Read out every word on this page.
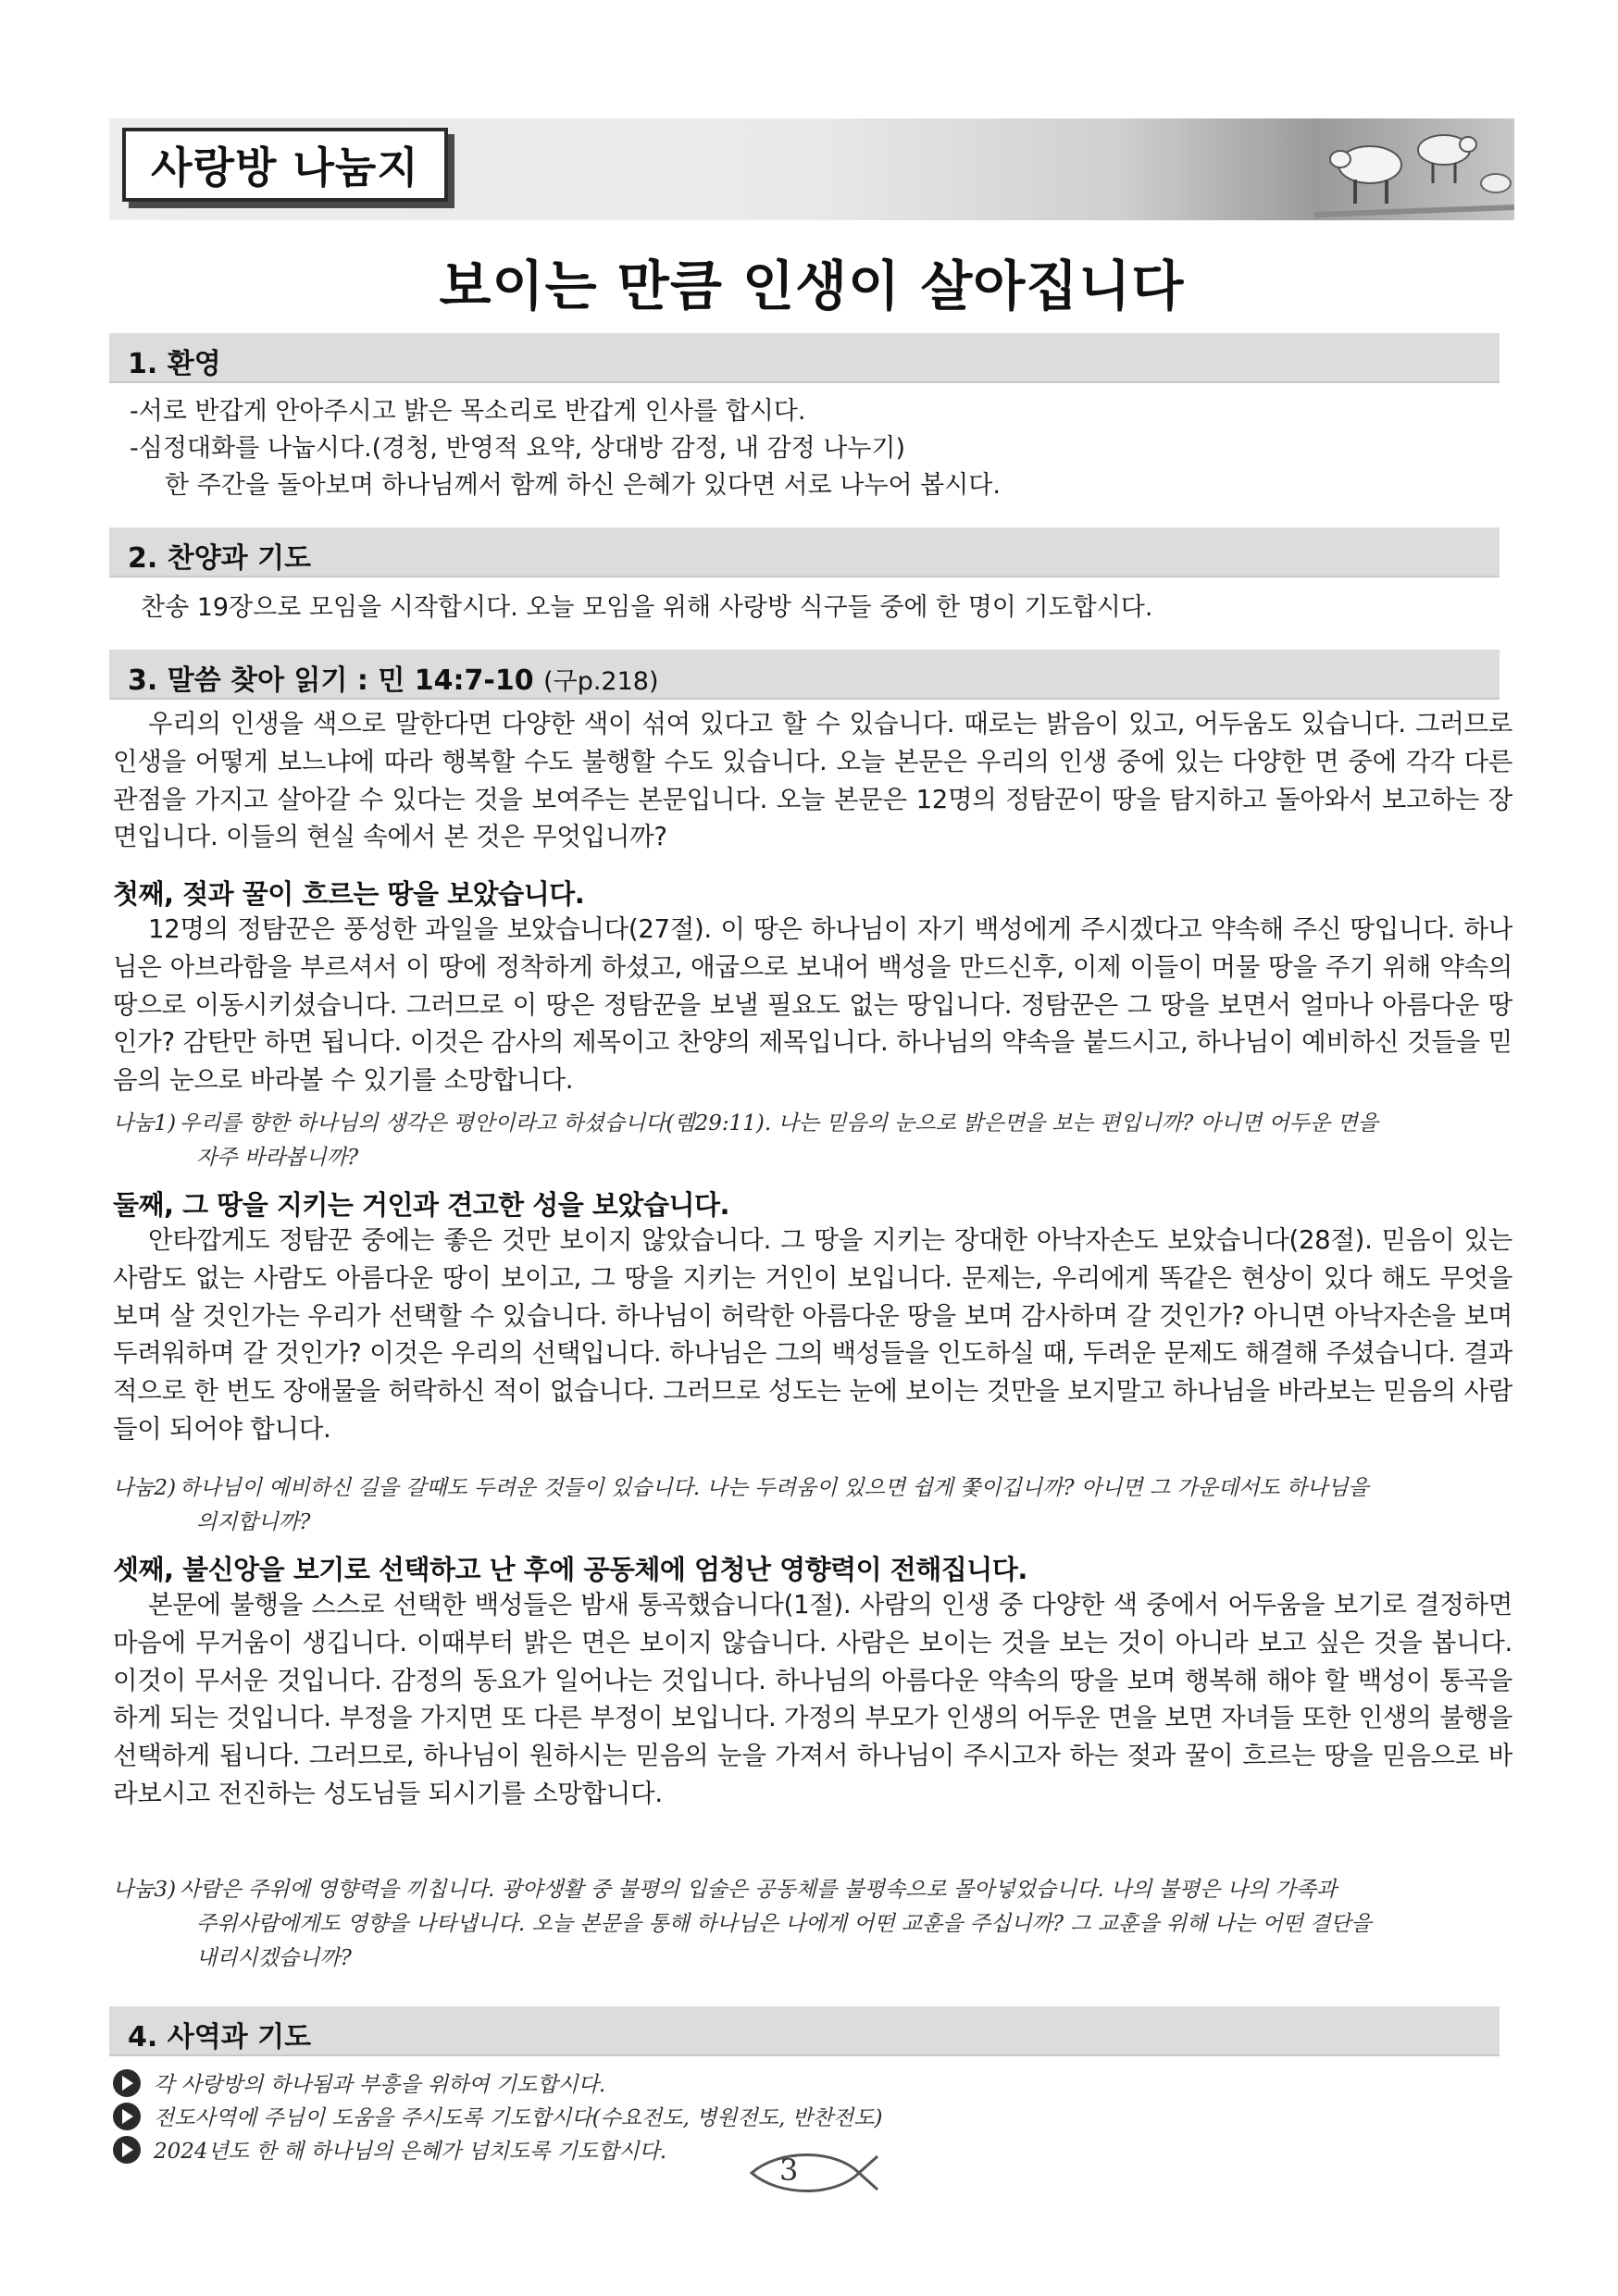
사랑방 나눔지
보이는 만큼 인생이 살아집니다
1. 환영
-서로 반갑게 안아주시고 밝은 목소리로 반갑게 인사를 합시다.
-심정대화를 나눕시다.(경청, 반영적 요약, 상대방 감정, 내 감정 나누기)
한 주간을 돌아보며 하나님께서 함께 하신 은혜가 있다면 서로 나누어 봅시다.
2. 찬양과 기도
찬송 19장으로 모임을 시작합시다. 오늘 모임을 위해 사랑방 식구들 중에 한 명이 기도합시다.
3. 말씀 찾아 읽기 : 민 14:7-10 (구p.218)
우리의 인생을 색으로 말한다면 다양한 색이 섞여 있다고 할 수 있습니다. 때로는 밝음이 있고, 어두움도 있습니다. 그러므로 인생을 어떻게 보느냐에 따라 행복할 수도 불행할 수도 있습니다. 오늘 본문은 우리의 인생 중에 있는 다양한 면 중에 각각 다른 관점을 가지고 살아갈 수 있다는 것을 보여주는 본문입니다. 오늘 본문은 12명의 정탐꾼이 땅을 탐지하고 돌아와서 보고하는 장면입니다. 이들의 현실 속에서 본 것은 무엇입니까?
첫째, 젖과 꿀이 흐르는 땅을 보았습니다.
12명의 정탐꾼은 풍성한 과일을 보았습니다(27절). 이 땅은 하나님이 자기 백성에게 주시겠다고 약속해 주신 땅입니다. 하나님은 아브라함을 부르셔서 이 땅에 정착하게 하셨고, 애굽으로 보내어 백성을 만드신후, 이제 이들이 머물 땅을 주기 위해 약속의 땅으로 이동시키셨습니다. 그러므로 이 땅은 정탐꾼을 보낼 필요도 없는 땅입니다. 정탐꾼은 그 땅을 보면서 얼마나 아름다운 땅인가? 감탄만 하면 됩니다. 이것은 감사의 제목이고 찬양의 제목입니다. 하나님의 약속을 붙드시고, 하나님이 예비하신 것들을 믿음의 눈으로 바라볼 수 있기를 소망합니다.
나눔1) 우리를 향한 하나님의 생각은 평안이라고 하셨습니다(렘29:11). 나는 믿음의 눈으로 밝은면을 보는 편입니까? 아니면 어두운 면을
자주 바라봅니까?
둘째, 그 땅을 지키는 거인과 견고한 성을 보았습니다.
안타깝게도 정탐꾼 중에는 좋은 것만 보이지 않았습니다. 그 땅을 지키는 장대한 아낙자손도 보았습니다(28절). 믿음이 있는 사람도 없는 사람도 아름다운 땅이 보이고, 그 땅을 지키는 거인이 보입니다. 문제는, 우리에게 똑같은 현상이 있다 해도 무엇을 보며 살 것인가는 우리가 선택할 수 있습니다. 하나님이 허락한 아름다운 땅을 보며 감사하며 갈 것인가? 아니면 아낙자손을 보며 두려워하며 갈 것인가? 이것은 우리의 선택입니다. 하나님은 그의 백성들을 인도하실 때, 두려운 문제도 해결해 주셨습니다. 결과적으로 한 번도 장애물을 허락하신 적이 없습니다. 그러므로 성도는 눈에 보이는 것만을 보지말고 하나님을 바라보는 믿음의 사람들이 되어야 합니다.
나눔2) 하나님이 예비하신 길을 갈때도 두려운 것들이 있습니다. 나는 두려움이 있으면 쉽게 쫓이깁니까? 아니면 그 가운데서도 하나님을
의지합니까?
셋째, 불신앙을 보기로 선택하고 난 후에 공동체에 엄청난 영향력이 전해집니다.
본문에 불행을 스스로 선택한 백성들은 밤새 통곡했습니다(1절). 사람의 인생 중 다양한 색 중에서 어두움을 보기로 결정하면 마음에 무거움이 생깁니다. 이때부터 밝은 면은 보이지 않습니다. 사람은 보이는 것을 보는 것이 아니라 보고 싶은 것을 봅니다. 이것이 무서운 것입니다. 감정의 동요가 일어나는 것입니다. 하나님의 아름다운 약속의 땅을 보며 행복해 해야 할 백성이 통곡을 하게 되는 것입니다. 부정을 가지면 또 다른 부정이 보입니다. 가정의 부모가 인생의 어두운 면을 보면 자녀들 또한 인생의 불행을 선택하게 됩니다. 그러므로, 하나님이 원하시는 믿음의 눈을 가져서 하나님이 주시고자 하는 젖과 꿀이 흐르는 땅을 믿음으로 바라보시고 전진하는 성도님들 되시기를 소망합니다.
나눔3) 사람은 주위에 영향력을 끼칩니다. 광야생활 중 불평의 입술은 공동체를 불평속으로 몰아넣었습니다. 나의 불평은 나의 가족과
주위사람에게도 영향을 나타냅니다. 오늘 본문을 통해 하나님은 나에게 어떤 교훈을 주십니까? 그 교훈을 위해 나는 어떤 결단을
내리시겠습니까?
4. 사역과 기도
각 사랑방의 하나됨과 부흥을 위하여 기도합시다.
전도사역에 주님이 도움을 주시도록 기도합시다(수요전도, 병원전도, 반찬전도)
2024년도 한 해 하나님의 은혜가 넘치도록 기도합시다.
3
